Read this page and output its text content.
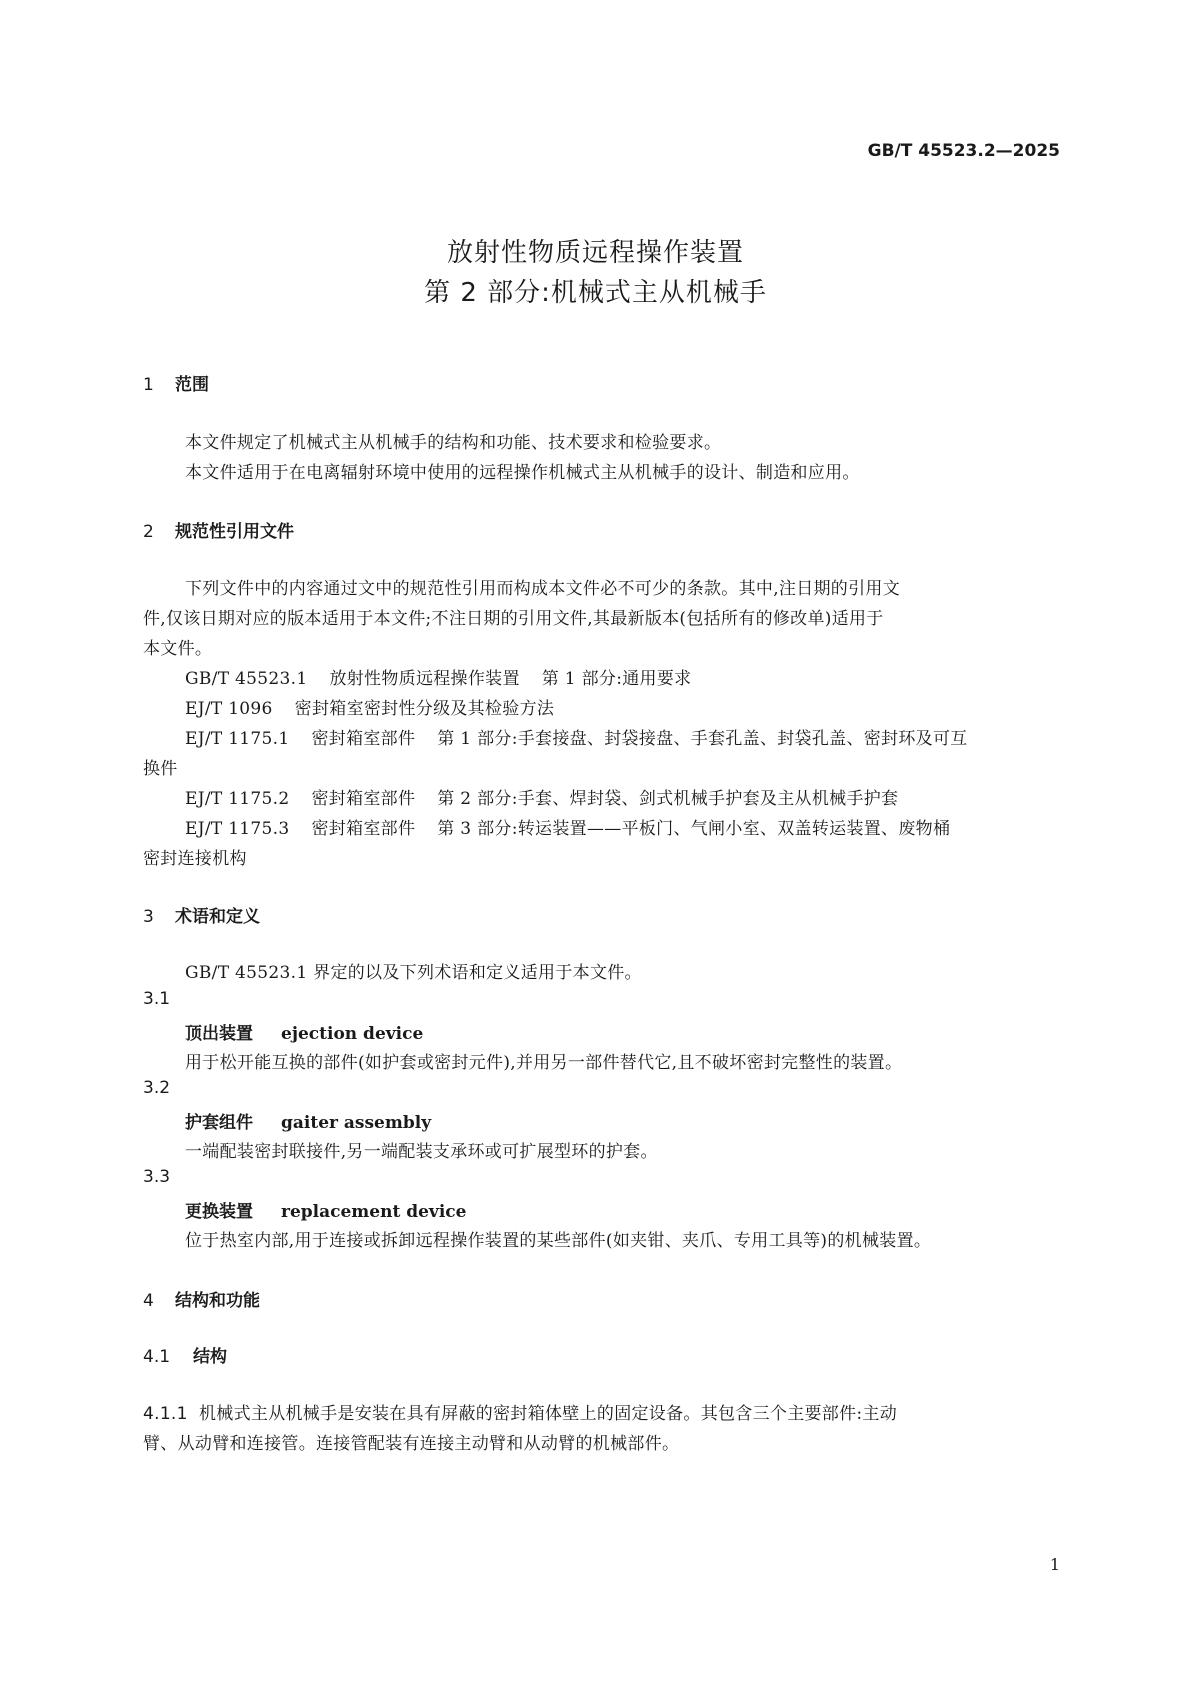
GB/T 45523.2—2025
放射性物质远程操作装置
第 2 部分:机械式主从机械手
1 范围
本文件规定了机械式主从机械手的结构和功能、技术要求和检验要求。
本文件适用于在电离辐射环境中使用的远程操作机械式主从机械手的设计、制造和应用。
2 规范性引用文件
下列文件中的内容通过文中的规范性引用而构成本文件必不可少的条款。其中,注日期的引用文
件,仅该日期对应的版本适用于本文件;不注日期的引用文件,其最新版本(包括所有的修改单)适用于
本文件。
GB/T 45523.1 放射性物质远程操作装置 第 1 部分:通用要求
EJ/T 1096 密封箱室密封性分级及其检验方法
EJ/T 1175.1 密封箱室部件 第 1 部分:手套接盘、封袋接盘、手套孔盖、封袋孔盖、密封环及可互
换件
EJ/T 1175.2 密封箱室部件 第 2 部分:手套、焊封袋、剑式机械手护套及主从机械手护套
EJ/T 1175.3 密封箱室部件 第 3 部分:转运装置——平板门、气闸小室、双盖转运装置、废物桶
密封连接机构
3 术语和定义
GB/T 45523.1 界定的以及下列术语和定义适用于本文件。
3.1
顶出装置 ejection device
用于松开能互换的部件(如护套或密封元件),并用另一部件替代它,且不破坏密封完整性的装置。
3.2
护套组件 gaiter assembly
一端配装密封联接件,另一端配装支承环或可扩展型环的护套。
3.3
更换装置 replacement device
位于热室内部,用于连接或拆卸远程操作装置的某些部件(如夹钳、夹爪、专用工具等)的机械装置。
4 结构和功能
4.1 结构
4.1.1 机械式主从机械手是安装在具有屏蔽的密封箱体壁上的固定设备。其包含三个主要部件:主动
臂、从动臂和连接管。连接管配装有连接主动臂和从动臂的机械部件。
1
